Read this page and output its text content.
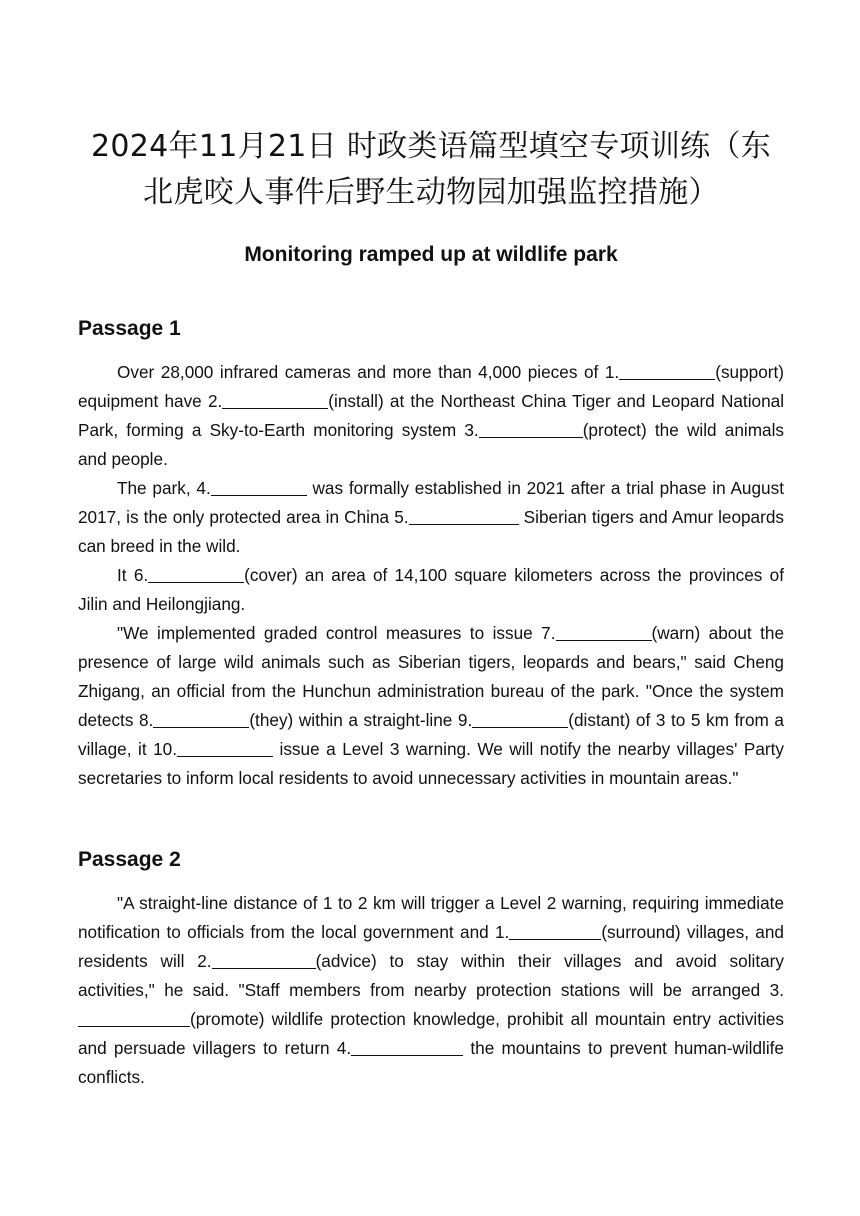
2024年11月21日 时政类语篇型填空专项训练（东北虎咬人事件后野生动物园加强监控措施）
Monitoring ramped up at wildlife park
Passage 1

Over 28,000 infrared cameras and more than 4,000 pieces of 1.	(support) equipment have 2.	(install) at the Northeast China Tiger and Leopard National Park, forming a Sky-to-Earth monitoring system 3.	(protect) the wild animals and people.

The park, 4.	was formally established in 2021 after a trial phase in August 2017, is the only protected area in China 5.	Siberian tigers and Amur leopards can breed in the wild.

It 6.	(cover) an area of 14,100 square kilometers across the provinces of Jilin and Heilongjiang.

"We implemented graded control measures to issue 7.	(warn) about the presence of large wild animals such as Siberian tigers, leopards and bears," said Cheng Zhigang, an official from the Hunchun administration bureau of the park. "Once the system detects 8.	(they) within a straight-line 9.	(distant) of 3 to 5 km from a village, it 10.	issue a Level 3 warning. We will notify the nearby villages' Party secretaries to inform local residents to avoid unnecessary activities in mountain areas."

Passage 2

"A straight-line distance of 1 to 2 km will trigger a Level 2 warning, requiring immediate notification to officials from the local government and 1.	(surround) villages, and residents will 2.	(advice) to stay within their villages and avoid solitary activities," he said. "Staff members from nearby protection stations will be arranged 3.(promote) wildlife protection knowledge, prohibit all mountain entry activities and persuade villagers to return 4.	the mountains to prevent human-wildlife conflicts.
